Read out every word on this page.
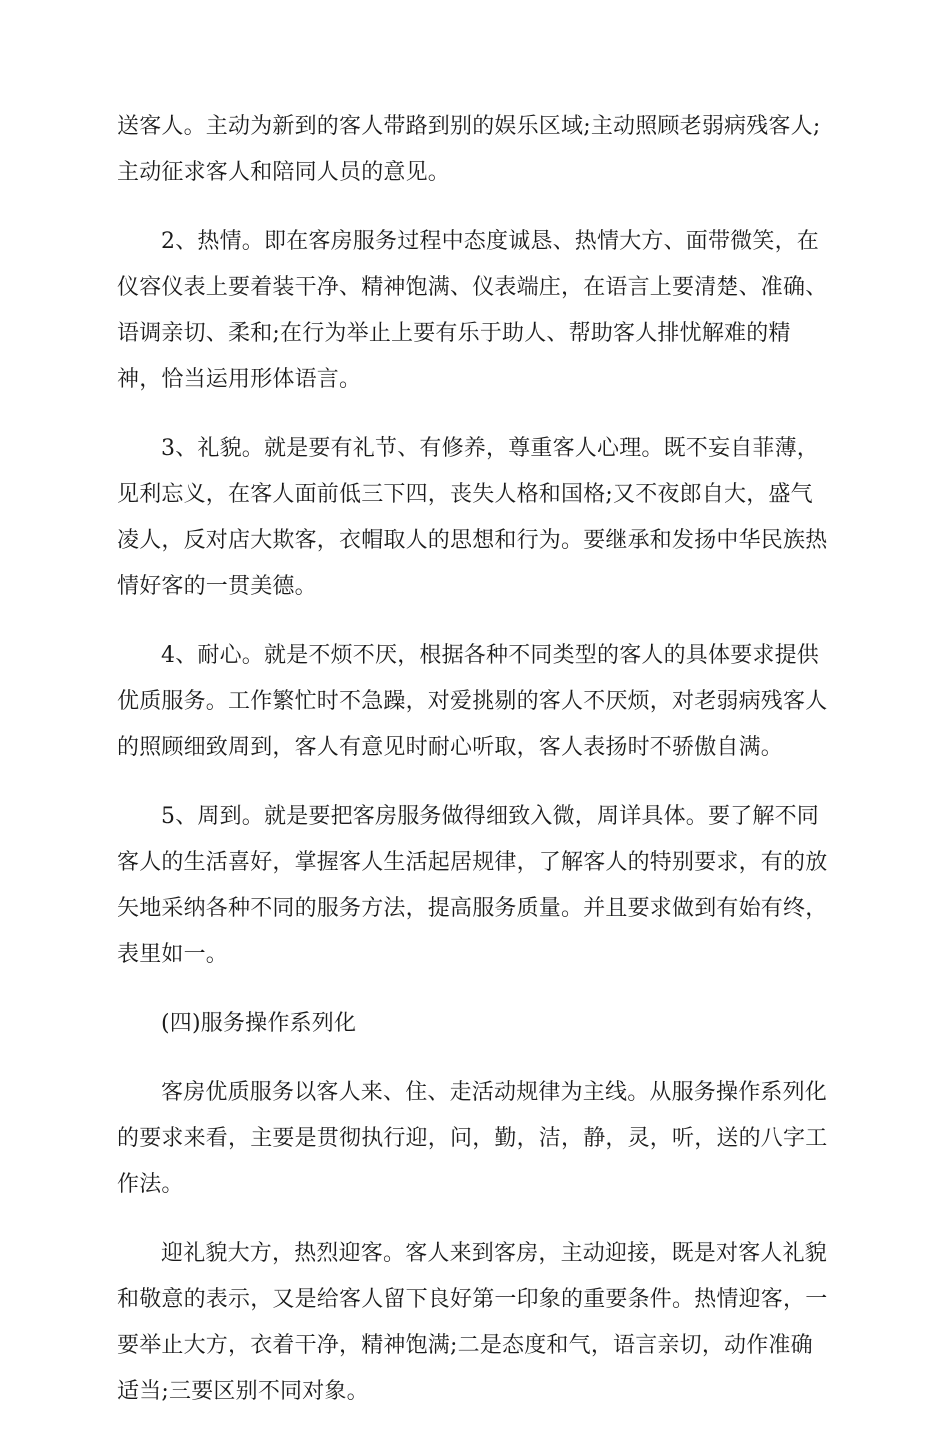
送客人。主动为新到的客人带路到别的娱乐区域;主动照顾老弱病残客人;
主动征求客人和陪同人员的意见。

2、热情。即在客房服务过程中态度诚恳、热情大方、面带微笑，在
仪容仪表上要着装干净、精神饱满、仪表端庄，在语言上要清楚、准确、
语调亲切、柔和;在行为举止上要有乐于助人、帮助客人排忧解难的精
神，恰当运用形体语言。

3、礼貌。就是要有礼节、有修养，尊重客人心理。既不妄自菲薄，
见利忘义，在客人面前低三下四，丧失人格和国格;又不夜郎自大，盛气
凌人，反对店大欺客，衣帽取人的思想和行为。要继承和发扬中华民族热
情好客的一贯美德。

4、耐心。就是不烦不厌，根据各种不同类型的客人的具体要求提供
优质服务。工作繁忙时不急躁，对爱挑剔的客人不厌烦，对老弱病残客人
的照顾细致周到，客人有意见时耐心听取，客人表扬时不骄傲自满。

5、周到。就是要把客房服务做得细致入微，周详具体。要了解不同
客人的生活喜好，掌握客人生活起居规律，了解客人的特别要求，有的放
矢地采纳各种不同的服务方法，提高服务质量。并且要求做到有始有终，
表里如一。

(四)服务操作系列化

客房优质服务以客人来、住、走活动规律为主线。从服务操作系列化
的要求来看，主要是贯彻执行迎，问，勤，洁，静，灵，听，送的八字工
作法。

迎礼貌大方，热烈迎客。客人来到客房，主动迎接，既是对客人礼貌
和敬意的表示，又是给客人留下良好第一印象的重要条件。热情迎客，一
要举止大方，衣着干净，精神饱满;二是态度和气，语言亲切，动作准确
适当;三要区别不同对象。
